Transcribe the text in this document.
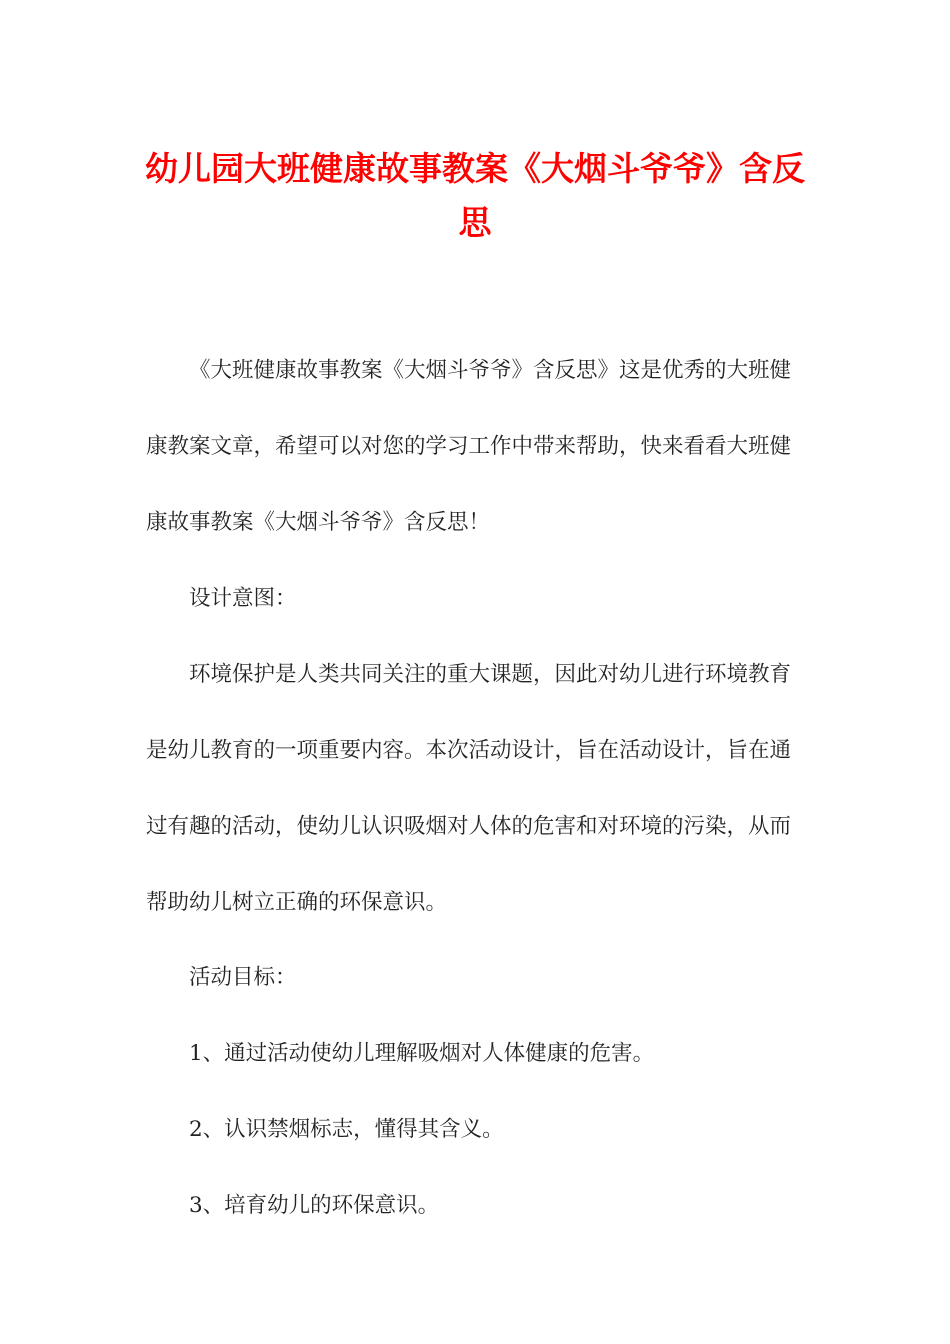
幼儿园大班健康故事教案《大烟斗爷爷》含反思

《大班健康故事教案《大烟斗爷爷》含反思》这是优秀的大班健康教案文章，希望可以对您的学习工作中带来帮助，快来看看大班健康故事教案《大烟斗爷爷》含反思！

设计意图：

环境保护是人类共同关注的重大课题，因此对幼儿进行环境教育是幼儿教育的一项重要内容。本次活动设计，旨在活动设计，旨在通过有趣的活动，使幼儿认识吸烟对人体的危害和对环境的污染，从而帮助幼儿树立正确的环保意识。

活动目标：

1、通过活动使幼儿理解吸烟对人体健康的危害。

2、认识禁烟标志，懂得其含义。

3、培育幼儿的环保意识。
